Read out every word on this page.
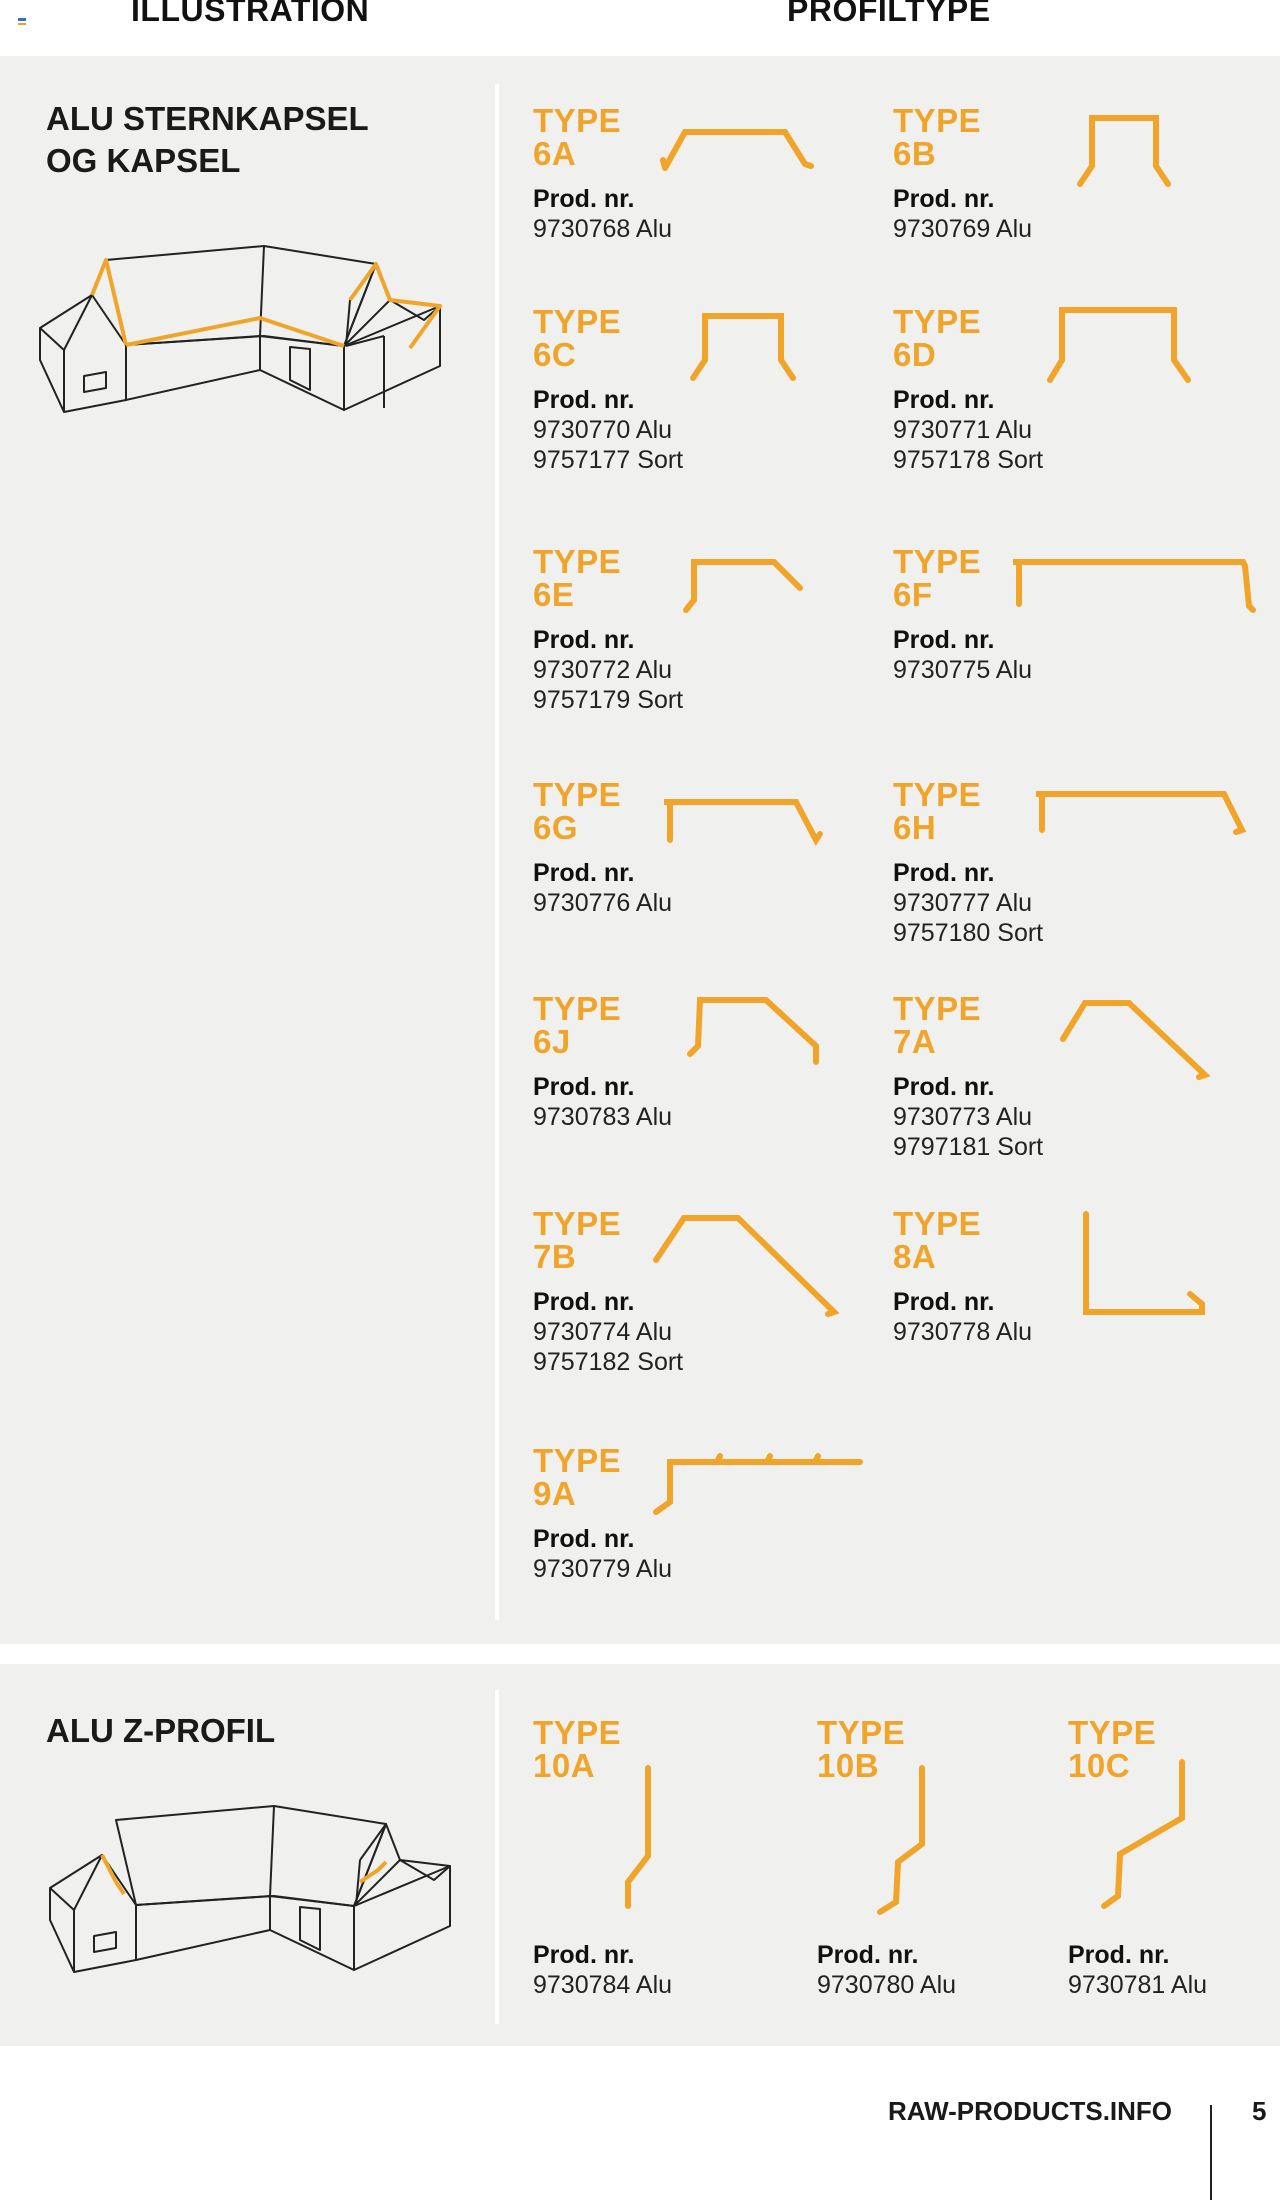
ILLUSTRATION	PROFILTYPE
ALU STERNKAPSEL
OG KAPSEL
TYPE
6A
Prod. nr.
9730768 Alu
TYPE
6B
Prod. nr.
9730769 Alu
TYPE
6C
Prod. nr.
9730770 Alu
9757177 Sort
TYPE
6D
Prod. nr.
9730771 Alu
9757178 Sort
TYPE
6E
Prod. nr.
9730772 Alu
9757179 Sort
TYPE
6F
Prod. nr.
9730775 Alu
TYPE
6G
Prod. nr.
9730776 Alu
TYPE
6H
Prod. nr.
9730777 Alu
9757180 Sort
TYPE
6J
Prod. nr.
9730783 Alu
TYPE
7A
Prod. nr.
9730773 Alu
9797181 Sort
TYPE
7B
Prod. nr.
9730774 Alu
9757182 Sort
TYPE
8A
Prod. nr.
9730778 Alu
TYPE
9A
Prod. nr.
9730779 Alu
ALU Z-PROFIL	TYPE
10A
Prod. nr.
9730784 Alu
TYPE
10B
Prod. nr.
9730780 Alu
TYPE
10C
Prod. nr.
9730781 Alu
RAW-PRODUCTS.INFO	5
